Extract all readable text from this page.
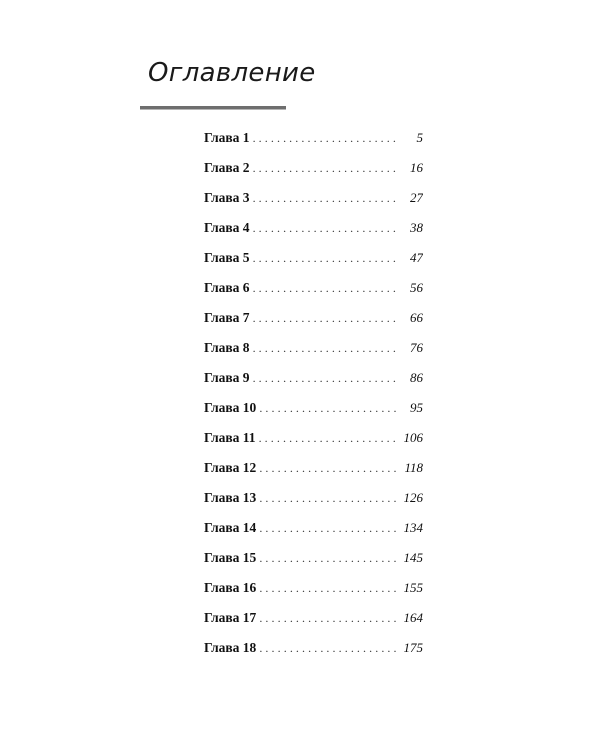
Оглавление
Глава 1 . . .	5
Глава 2 . . .	16
Глава 3 . . .	27
Глава 4 . . .	38
Глава 5 . . .	47
Глава 6 . . .	56
Глава 7 . . .	66
Глава 8 . . .	76
Глава 9 . . .	86
Глава 10 . . .	95
Глава 11 . . .	106
Глава 12 . . .	118
Глава 13 . . .	126
Глава 14 . . .	134
Глава 15 . . .	145
Глава 16 . . .	155
Глава 17 . . .	164
Глава 18 . . .	175
